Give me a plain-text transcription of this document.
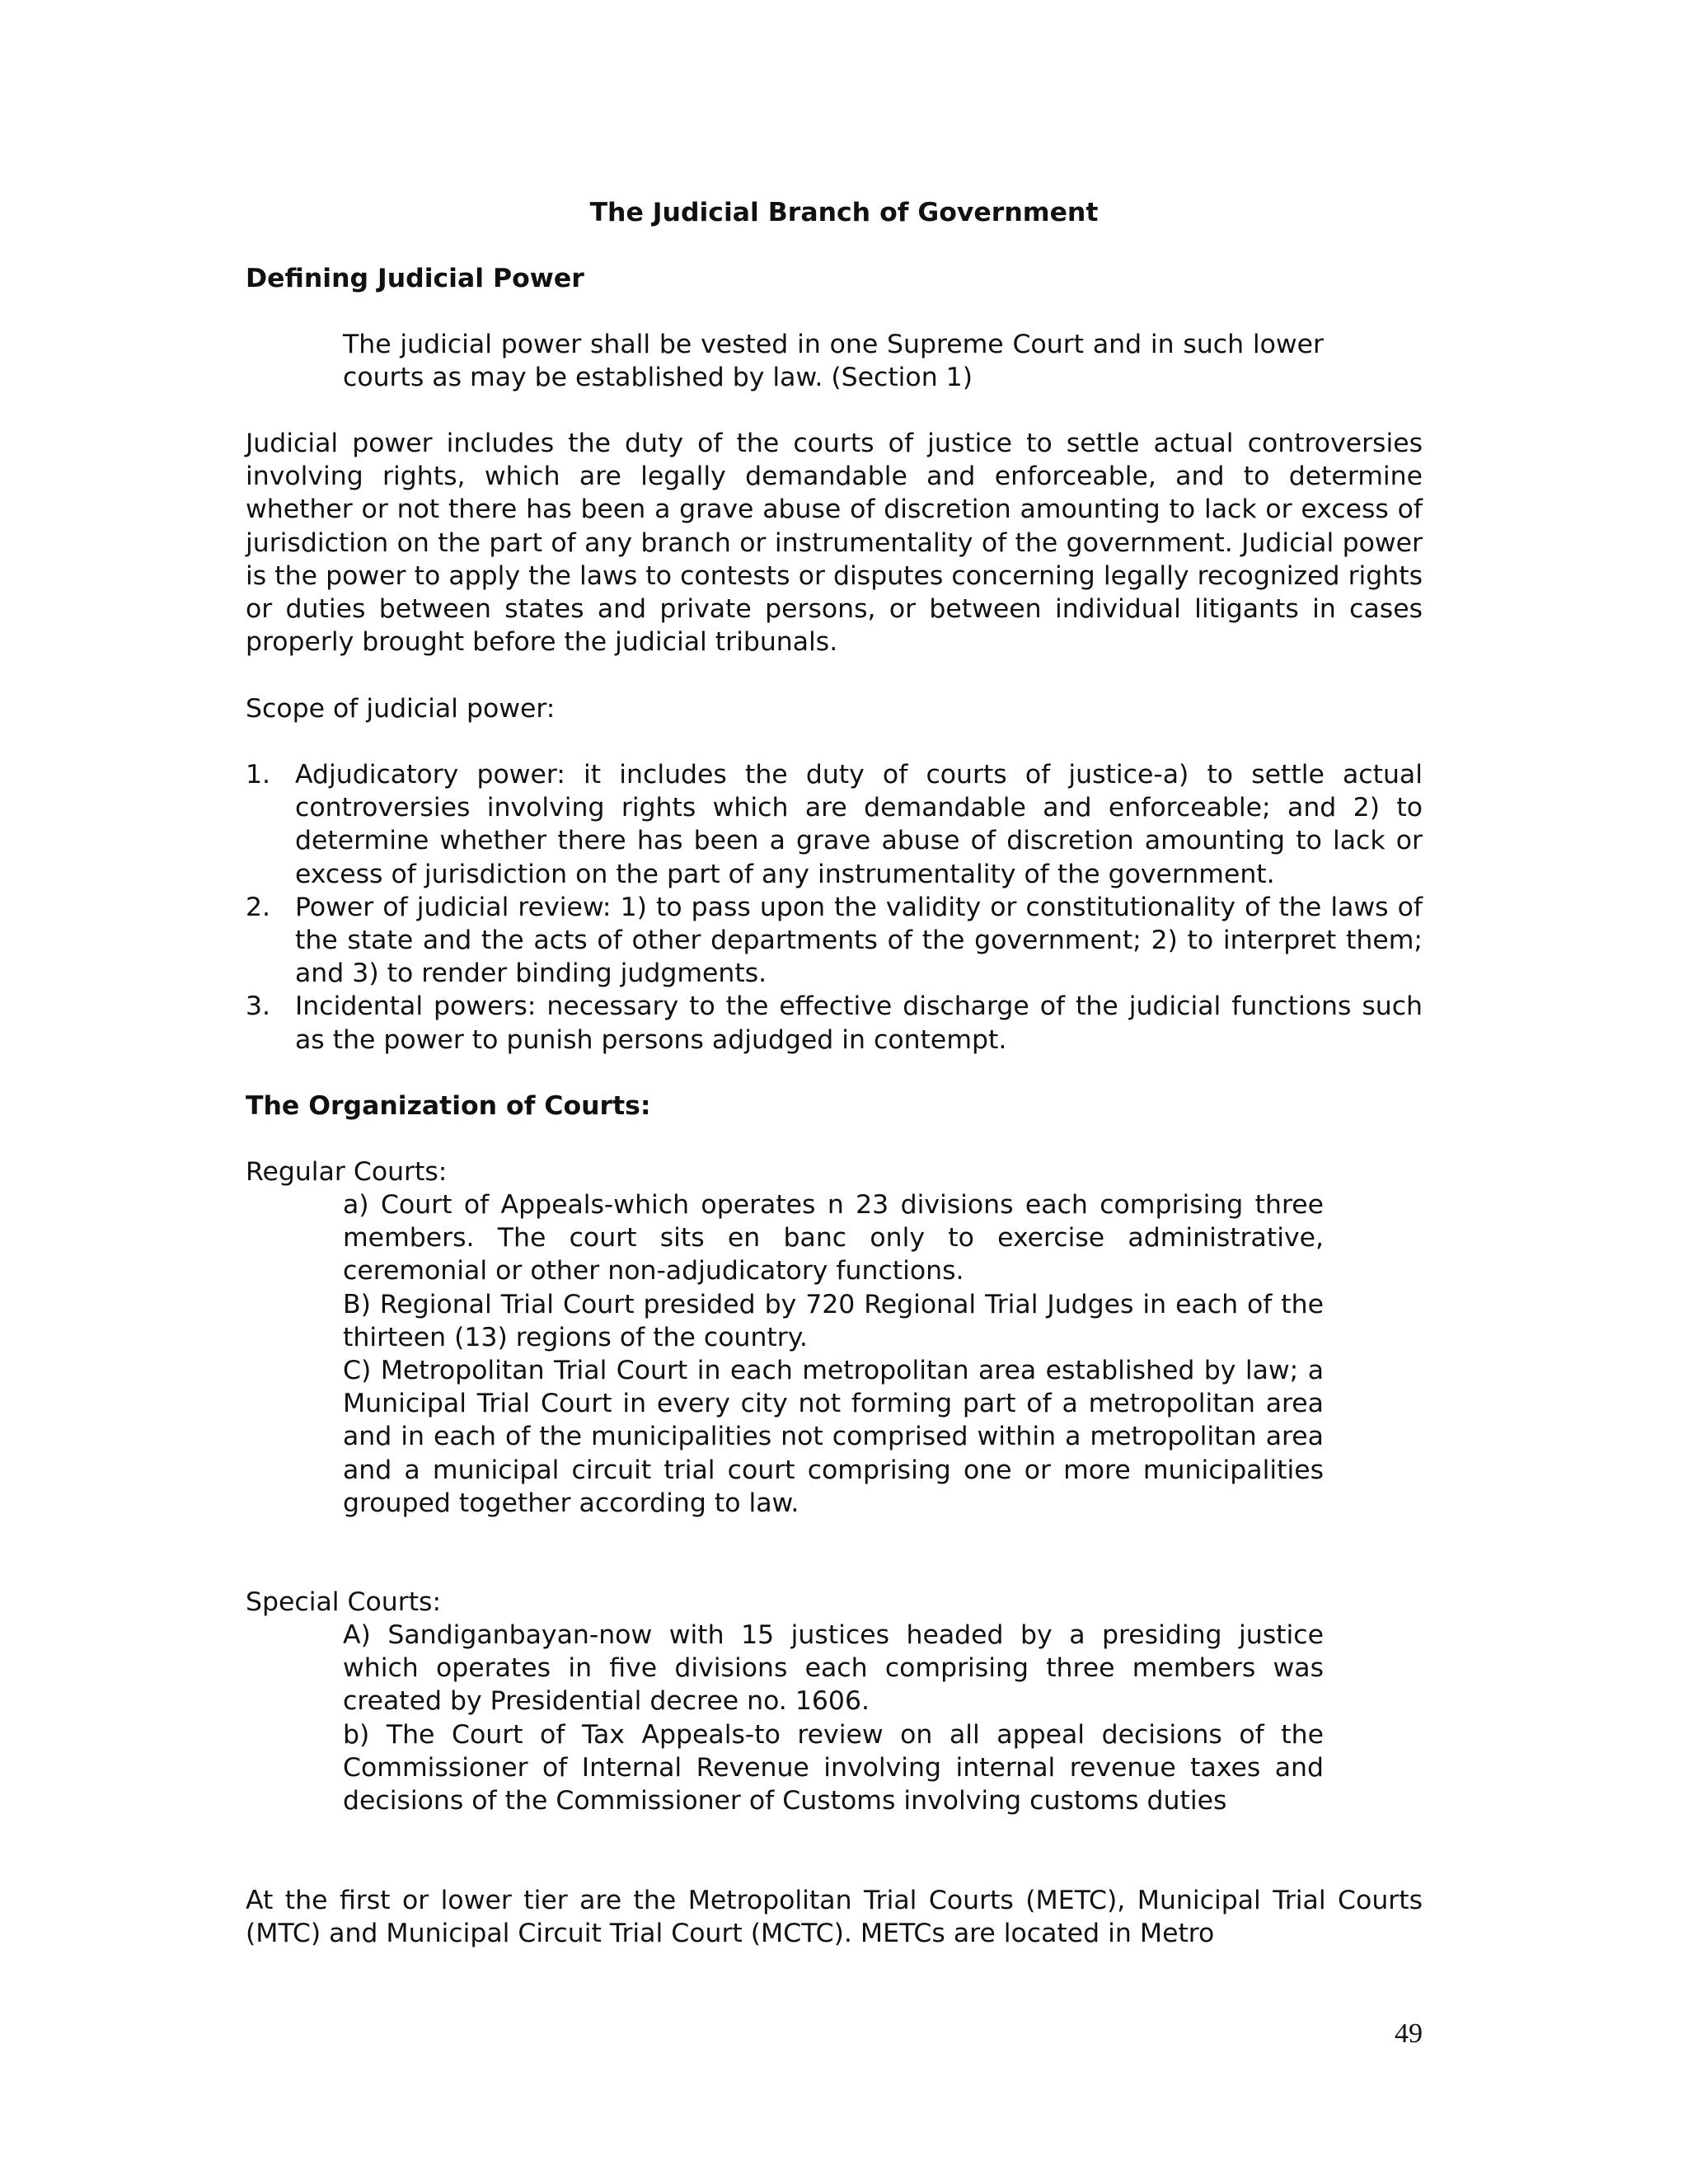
The Judicial Branch of Government
Defining Judicial Power

The judicial power shall be vested in one Supreme Court and in such lower courts as may be established by law. (Section 1)

Judicial power includes the duty of the courts of justice to settle actual controversies involving rights, which are legally demandable and enforceable, and to determine whether or not there has been a grave abuse of discretion amounting to lack or excess of jurisdiction on the part of any branch or instrumentality of the government. Judicial power is the power to apply the laws to contests or disputes concerning legally recognized rights or duties between states and private persons, or between individual litigants in cases properly brought before the judicial tribunals.

Scope of judicial power:

1. Adjudicatory power: it includes the duty of courts of justice-a) to settle actual controversies involving rights which are demandable and enforceable; and 2) to determine whether there has been a grave abuse of discretion amounting to lack or excess of jurisdiction on the part of any instrumentality of the government.
2. Power of judicial review: 1) to pass upon the validity or constitutionality of the laws of the state and the acts of other departments of the government; 2) to interpret them; and 3) to render binding judgments.
3. Incidental powers: necessary to the effective discharge of the judicial functions such as the power to punish persons adjudged in contempt.
The Organization of Courts:

Regular Courts:

a) Court of Appeals-which operates n 23 divisions each comprising three members. The court sits en banc only to exercise administrative, ceremonial or other non-adjudicatory functions.

B) Regional Trial Court presided by 720 Regional Trial Judges in each of the thirteen (13) regions of the country.

C) Metropolitan Trial Court in each metropolitan area established by law; a Municipal Trial Court in every city not forming part of a metropolitan area and in each of the municipalities not comprised within a metropolitan area and a municipal circuit trial court comprising one or more municipalities grouped together according to law.

Special Courts:

A) Sandiganbayan-now with 15 justices headed by a presiding justice which operates in five divisions each comprising three members was created by Presidential decree no. 1606.

b) The Court of Tax Appeals-to review on all appeal decisions of the Commissioner of Internal Revenue involving internal revenue taxes and decisions of the Commissioner of Customs involving customs duties

At the first or lower tier are the Metropolitan Trial Courts (METC), Municipal Trial Courts (MTC) and Municipal Circuit Trial Court (MCTC). METCs are located in Metro

49
